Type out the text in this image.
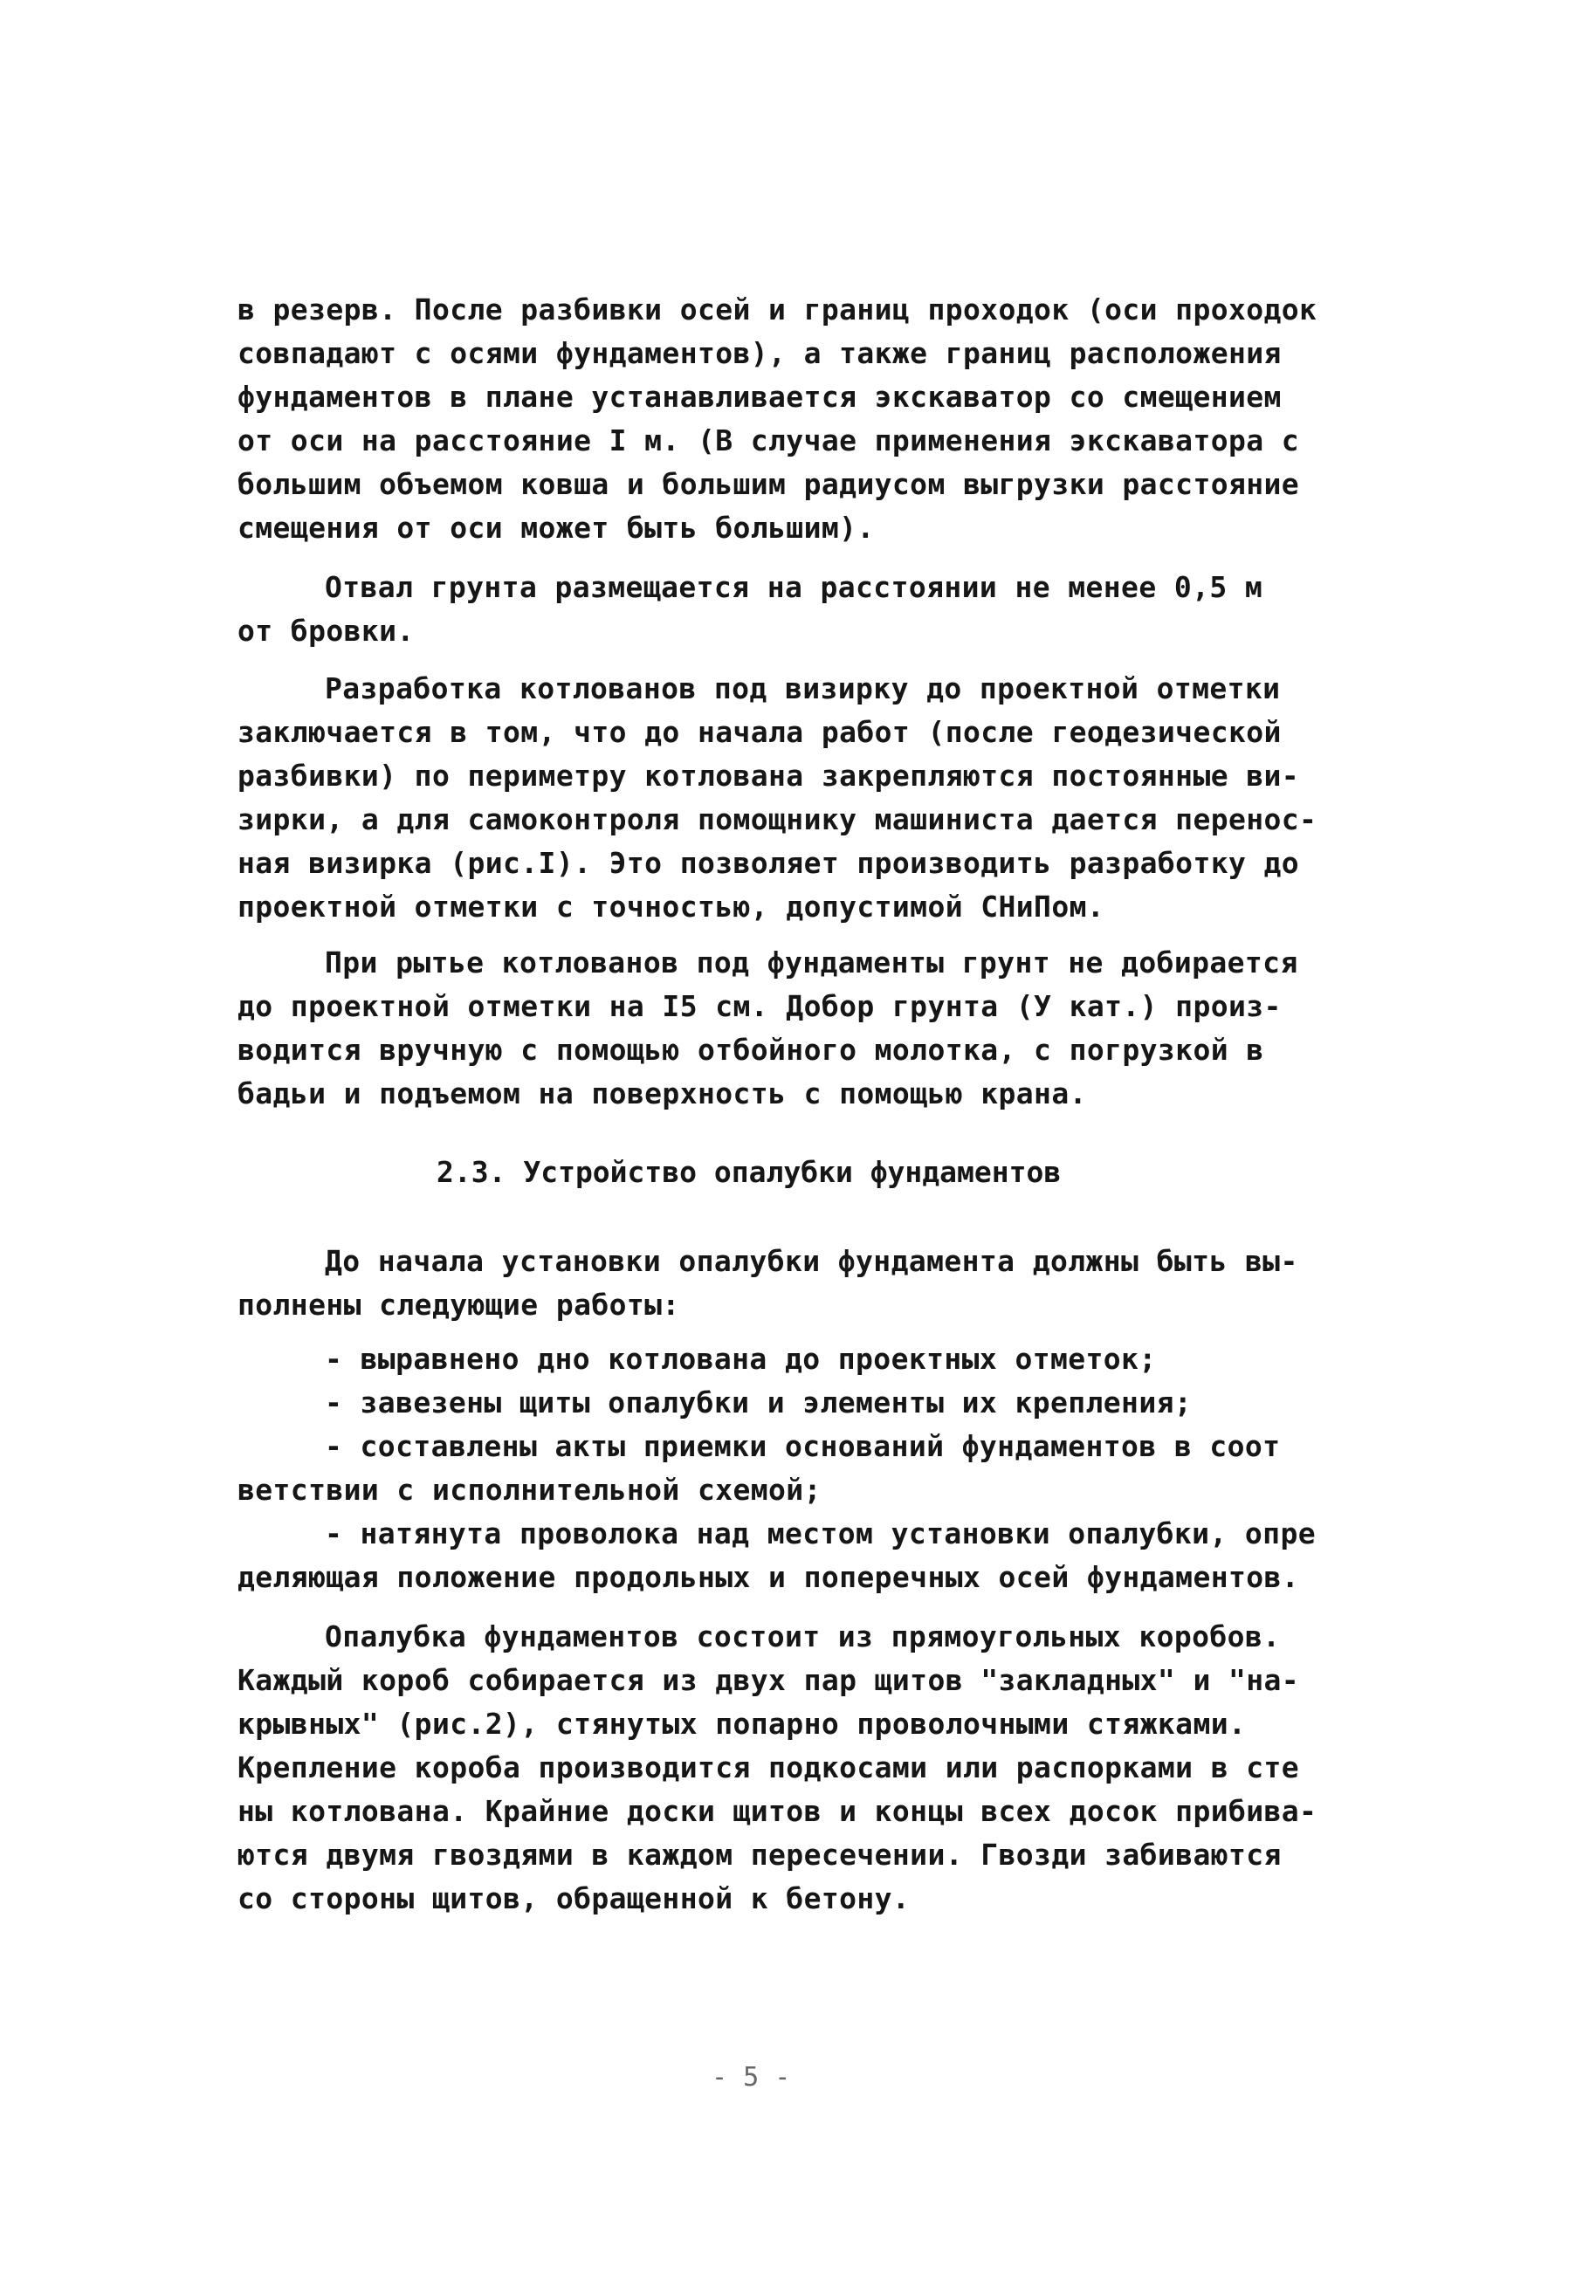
в резерв. После разбивки осей и границ проходок (оси проходок
совпадают с осями фундаментов), а также границ расположения
фундаментов в плане устанавливается экскаватор со смещением
от оси на расстояние I м. (В случае применения экскаватора с
большим объемом ковша и большим радиусом выгрузки расстояние
смещения от оси может быть большим).
Отвал грунта размещается на расстоянии не менее 0,5 м
от бровки.
Разработка котлованов под визирку до проектной отметки
заключается в том, что до начала работ (после геодезической
разбивки) по периметру котлована закрепляются постоянные ви-
зирки, а для самоконтроля помощнику машиниста дается переноc-
ная визирка (рис.I). Это позволяет производить разработку до
проектной отметки с точностью, допустимой СНиПом.
При рытье котлованов под фундаменты грунт не добирается
до проектной отметки на I5 см. Добор грунта (У кат.) произ-
водится вручную с помощью отбойного молотка, с погрузкой в
бадьи и подъемом на поверхность с помощью крана.
2.3. Устройство опалубки фундаментов
До начала установки опалубки фундамента должны быть вы-
полнены следующие работы:
- выравнено дно котлована до проектных отметок;
- завезены щиты опалубки и элементы их крепления;
- составлены акты приемки оснований фундаментов в соот
ветствии с исполнительной схемой;
- натянута проволока над местом установки опалубки, опре
деляющая положение продольных и поперечных осей фундаментов.
Опалубка фундаментов состоит из прямоугольных коробов.
Каждый короб собирается из двух пар щитов "закладных" и "на-
крывных" (рис.2), стянутых попарно проволочными стяжками.
Крепление короба производится подкосами или распорками в сте
ны котлована. Крайние доски щитов и концы всех досок прибива-
ются двумя гвоздями в каждом пересечении. Гвозди забиваются
со стороны щитов, обращенной к бетону.
- 5 -
